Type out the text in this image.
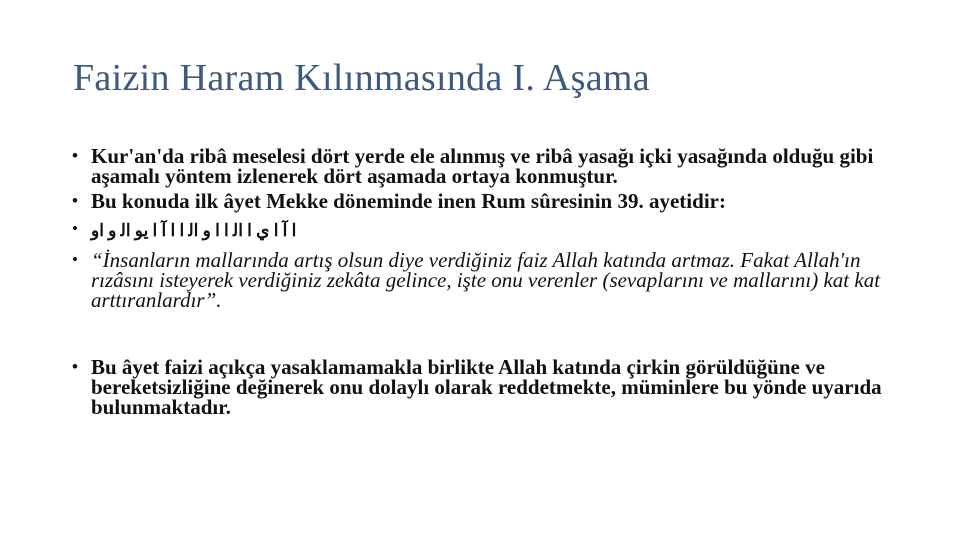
Faizin Haram Kılınmasında I. Aşama
• Kur'an'da ribâ meselesi dört yerde ele alınmış ve ribâ yasağı içki yasağında olduğu gibi aşamalı yöntem izlenerek dört aşamada ortaya konmuştur.
• Bu konuda ilk âyet Mekke döneminde inen Rum sûresinin 39. ayetidir:
• ﺍ ﺁ ﺍ ﻱ ﺍ ﺍﻟ ﺍ ﺍ ﻭ ﺍﻟ ﺍ ﺍ ﺁ ﺍ ﻳﻮ ﺍﻟ ﻭ ﺍﻭ
• “İnsanların mallarında artış olsun diye verdiğiniz faiz Allah katında artmaz. Fakat Allah'ın rızâsını isteyerek verdiğiniz zekâta gelince, işte onu verenler (sevaplarını ve mallarını) kat kat arttıranlardır”.
• Bu âyet faizi açıkça yasaklamamakla birlikte Allah katında çirkin görüldüğüne ve bereketsizliğine değinerek onu dolaylı olarak reddetmekte, müminlere bu yönde uyarıda bulunmaktadır.
